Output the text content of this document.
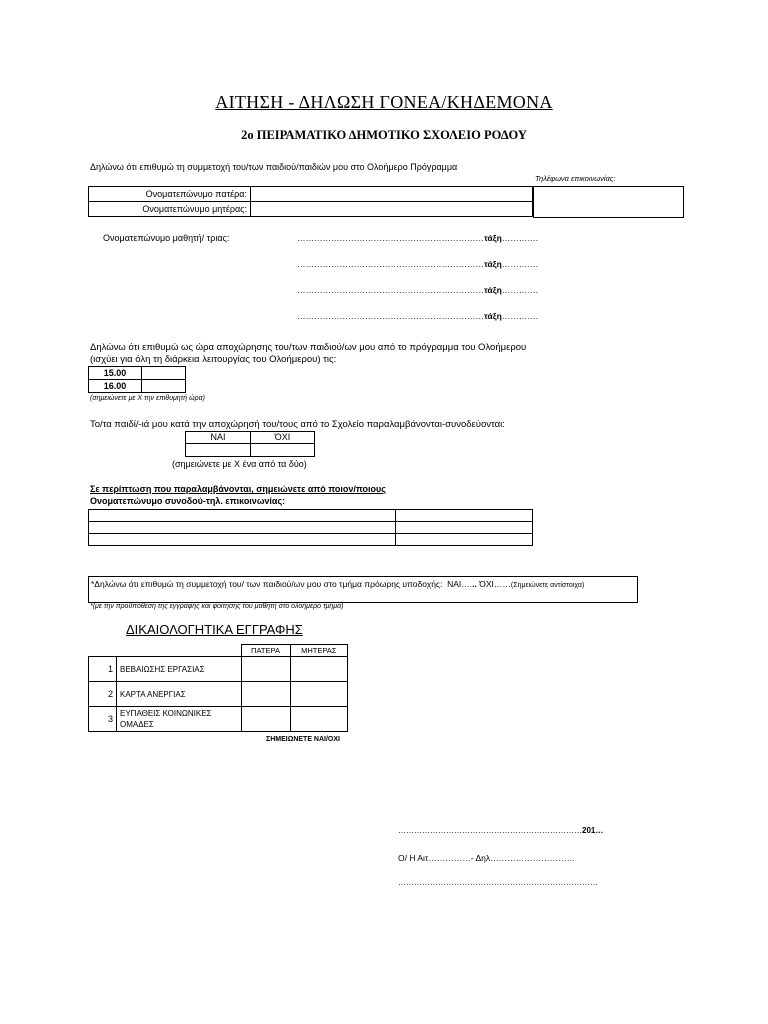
ΑΙΤΗΣΗ - ΔΗΛΩΣΗ ΓΟΝΕΑ/ΚΗΔΕΜΟΝΑ
2ο ΠΕΙΡΑΜΑΤΙΚΟ ΔΗΜΟΤΙΚΟ ΣΧΟΛΕΙΟ ΡΟΔΟΥ
Δηλώνω ότι επιθυμώ τη συμμετοχή του/των παιδιού/παιδιών μου στο Ολοήμερο Πρόγραμμα
Τηλέφωνα επικοινωνίας:
Ονοματεπώνυμο πατέρα:	
Ονοματεπώνυμο μητέρας:	
Ονοματεπώνυμο μαθητή/ τριας:	…………………………………………………………τάξη………….
…………………………………………………………τάξη………….
…………………………………………………………τάξη………….
…………………………………………………………τάξη………….
Δηλώνω ότι επιθυμώ ως ώρα αποχώρησης του/των παιδιού/ων μου από το πρόγραμμα του Ολοήμερου
(ισχύει για όλη τη διάρκεια λειτουργίας του Ολοήμερου) τις:
15.00	
16.00	
(σημειώνετε με Χ την επιθυμητή ώρα)
Το/τα παιδί/-ιά μου κατά την αποχώρησή του/τους από το Σχολείο παραλαμβάνονται-συνοδεύονται:
ΝΑΙ	ΌΧΙ

(σημειώνετε με Χ ένα από τα δύο)
Σε περίπτωση που παραλαμβάνονται, σημειώνετε από ποιον/ποιους
Ονοματεπώνυμο συνοδού-τηλ. επικοινωνίας:

*Δηλώνω ότι επιθυμώ τη συμμετοχή του/ των παιδιού/ων μου στο τμήμα πρόωρης υποδοχής: ΝΑΙ…... ΌΧΙ……(Σημειώνετε αντίστοιχα)
*(με την προϋπόθεση της εγγραφής και φοίτησης του μαθητή στο ολοήμερο τμήμα)
ΔΙΚΑΙΟΛΟΓΗΤΙΚΑ ΕΓΓΡΑΦΗΣ
		ΠΑΤΕΡΑ	ΜΗΤΕΡΑΣ
1	ΒΕΒΑΙΩΣΗΣ ΕΡΓΑΣΙΑΣ		
2	ΚΑΡΤΑ ΑΝΕΡΓΙΑΣ		
3	ΕΥΠΑΘΕΙΣ ΚΟΙΝΩΝΙΚΕΣ ΟΜΑΔΕΣ		
ΣΗΜΕΙΩΝΕΤΕ ΝΑΙ/ΟΧΙ
……………………………………………………………201…
Ο/ Η Αιτ……………- Δηλ…………………………
…………………………………………………………………
